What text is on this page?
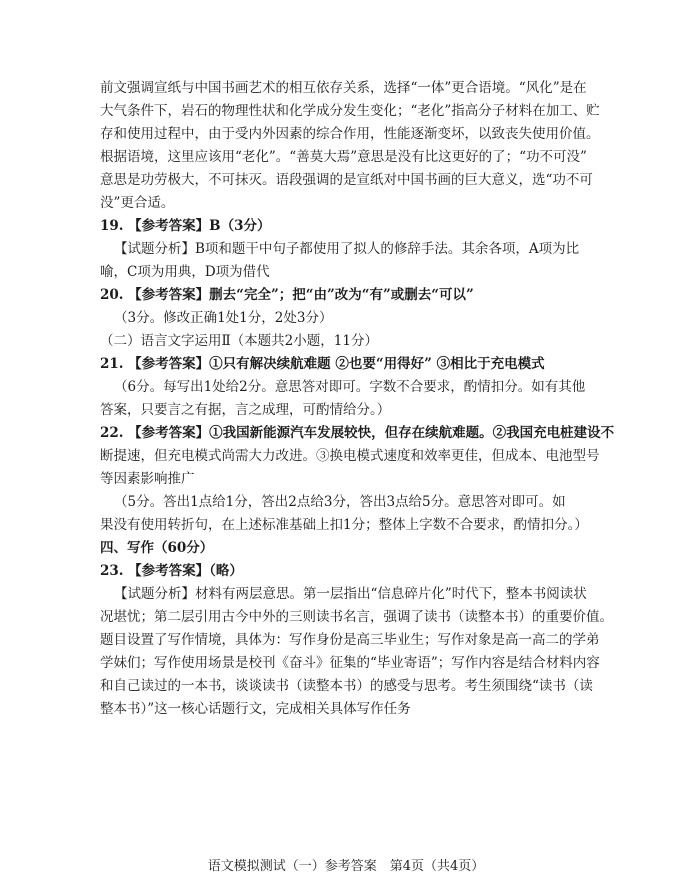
前文强调宣纸与中国书画艺术的相互依存关系，选择“一体”更合语境。“风化”是在
大气条件下，岩石的物理性状和化学成分发生变化；“老化”指高分子材料在加工、贮
存和使用过程中，由于受内外因素的综合作用，性能逐渐变坏，以致丧失使用价值。
根据语境，这里应该用“老化”。“善莫大焉”意思是没有比这更好的了；“功不可没”
意思是功劳极大，不可抹灭。语段强调的是宣纸对中国书画的巨大意义，选“功不可
没”更合适。
19. 【参考答案】B（3分）
【试题分析】B项和题干中句子都使用了拟人的修辞手法。其余各项，A项为比
喻，C项为用典，D项为借代
20. 【参考答案】删去“完全”；把“由”改为“有”或删去“可以”
（3分。修改正确1处1分，2处3分）
（二）语言文字运用Ⅱ（本题共2小题，11分）
21. 【参考答案】①只有解决续航难题 ②也要“用得好” ③相比于充电模式
（6分。每写出1处给2分。意思答对即可。字数不合要求，酌情扣分。如有其他
答案，只要言之有据，言之成理，可酌情给分。）
22. 【参考答案】①我国新能源汽车发展较快，但存在续航难题。②我国充电桩建设不
断提速，但充电模式尚需大力改进。③换电模式速度和效率更佳，但成本、电池型号
等因素影响推广
（5分。答出1点给1分，答出2点给3分，答出3点给5分。意思答对即可。如
果没有使用转折句，在上述标准基础上扣1分；整体上字数不合要求，酌情扣分。）
四、写作（60分）
23. 【参考答案】（略）
【试题分析】材料有两层意思。第一层指出“信息碎片化”时代下，整本书阅读状
况堪忧；第二层引用古今中外的三则读书名言，强调了读书（读整本书）的重要价值。
题目设置了写作情境，具体为：写作身份是高三毕业生；写作对象是高一高二的学弟
学妹们；写作使用场景是校刊《奋斗》征集的“毕业寄语”；写作内容是结合材料内容
和自己读过的一本书，谈谈读书（读整本书）的感受与思考。考生须围绕“读书（读
整本书）”这一核心话题行文，完成相关具体写作任务
语文模拟测试（一）参考答案　第4页（共4页）
